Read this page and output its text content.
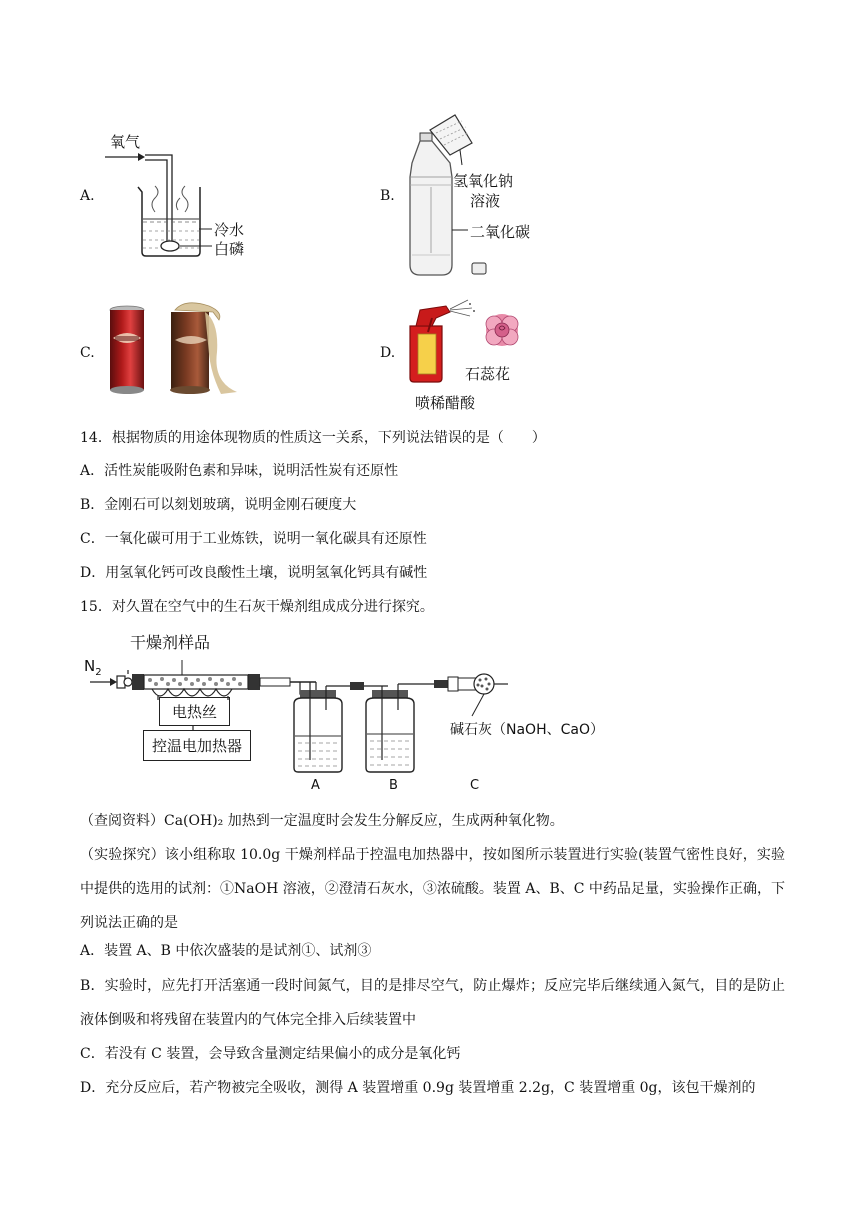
A.
氧气
冷水
白磷
B.
氢氧化钠
溶液
二氧化碳
C.	D.
石蕊花
喷稀醋酸
14．根据物质的用途体现物质的性质这一关系，下列说法错误的是（　　）
A．活性炭能吸附色素和异味，说明活性炭有还原性
B．金刚石可以刻划玻璃，说明金刚石硬度大
C．一氧化碳可用于工业炼铁，说明一氧化碳具有还原性
D．用氢氧化钙可改良酸性土壤，说明氢氧化钙具有碱性
15．对久置在空气中的生石灰干燥剂组成成分进行探究。
干燥剂样品
$N_2$
电热丝
控温电加热器
碱石灰（NaOH、CaO）
A	B	C
（查阅资料）Ca(OH)₂ 加热到一定温度时会发生分解反应，生成两种氧化物。
（实验探究）该小组称取 10.0g 干燥剂样品于控温电加热器中，按如图所示装置进行实验(装置气密性良好，实验中提供的选用的试剂：①NaOH 溶液，②澄清石灰水，③浓硫酸。装置 A、B、C 中药品足量，实验操作正确，下列说法正确的是
A．装置 A、B 中依次盛装的是试剂①、试剂③
B．实验时，应先打开活塞通一段时间氮气，目的是排尽空气，防止爆炸；反应完毕后继续通入氮气，目的是防止液体倒吸和将残留在装置内的气体完全排入后续装置中
C．若没有 C 装置，会导致含量测定结果偏小的成分是氧化钙
D．充分反应后，若产物被完全吸收，测得 A 装置增重 0.9g 装置增重 2.2g，C 装置增重 0g，该包干燥剂的
